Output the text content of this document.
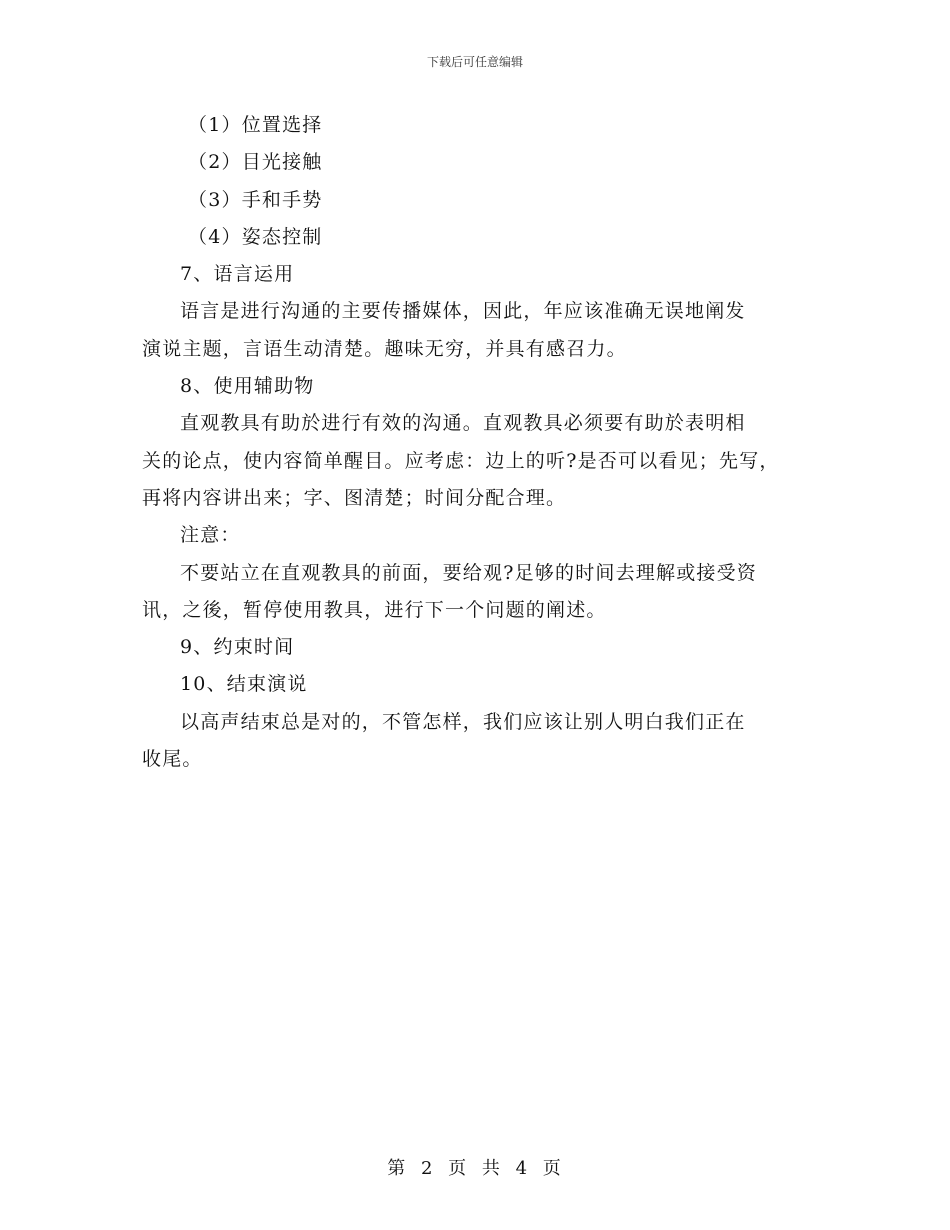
下载后可任意编辑

（1）位置选择

（2）目光接触

（3）手和手势

（4）姿态控制

7、语言运用

语言是进行沟通的主要传播媒体，因此，年应该准确无误地阐发

演说主题，言语生动清楚。趣味无穷，并具有感召力。

8、使用辅助物

直观教具有助於进行有效的沟通。直观教具必须要有助於表明相

关的论点，使内容简单醒目。应考虑：边上的听?是否可以看见；先写，

再将内容讲出来；字、图清楚；时间分配合理。

注意：

不要站立在直观教具的前面，要给观?足够的时间去理解或接受资

讯，之後，暂停使用教具，进行下一个问题的阐述。

9、约束时间

10、结束演说

以高声结束总是对的，不管怎样，我们应该让别人明白我们正在

收尾。

第 2 页 共 4 页
